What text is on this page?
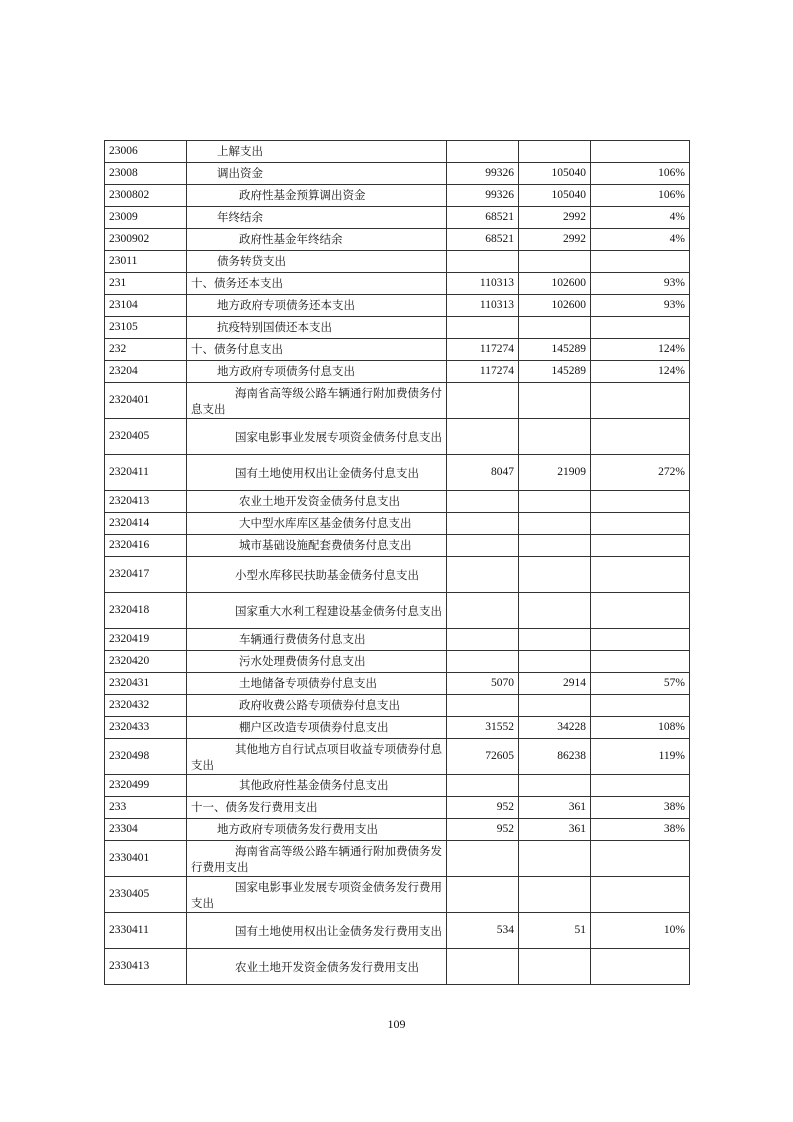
23006	上解支出			
23008	调出资金	99326	105040	106%
2300802	政府性基金预算调出资金	99326	105040	106%
23009	年终结余	68521	2992	4%
2300902	政府性基金年终结余	68521	2992	4%
23011	债务转贷支出			
231	十、债务还本支出	110313	102600	93%
23104	地方政府专项债务还本支出	110313	102600	93%
23105	抗疫特别国债还本支出			
232	十、债务付息支出	117274	145289	124%
23204	地方政府专项债务付息支出	117274	145289	124%
2320401	海南省高等级公路车辆通行附加费债务付息支出			

2320405	国家电影事业发展专项资金债务付息支出			

2320411	国有土地使用权出让金债务付息支出	8047	21909	272%
2320413	农业土地开发资金债务付息支出			
2320414	大中型水库库区基金债务付息支出			
2320416	城市基础设施配套费债务付息支出			
2320417	小型水库移民扶助基金债务付息支出			

2320418	国家重大水利工程建设基金债务付息支出			

2320419	车辆通行费债务付息支出			
2320420	污水处理费债务付息支出			
2320431	土地储备专项债券付息支出	5070	2914	57%
2320432	政府收费公路专项债券付息支出			
2320433	棚户区改造专项债券付息支出	31552	34228	108%
2320498	其他地方自行试点项目收益专项债券付息支出	72605	86238	119%
2320499	其他政府性基金债务付息支出			
233	十一、债务发行费用支出	952	361	38%
23304	地方政府专项债务发行费用支出	952	361	38%
2330401	海南省高等级公路车辆通行附加费债务发行费用支出			

2330405	国家电影事业发展专项资金债务发行费用支出			

2330411	国有土地使用权出让金债务发行费用支出	534	51	10%
2330413	农业土地开发资金债务发行费用支出			

109
